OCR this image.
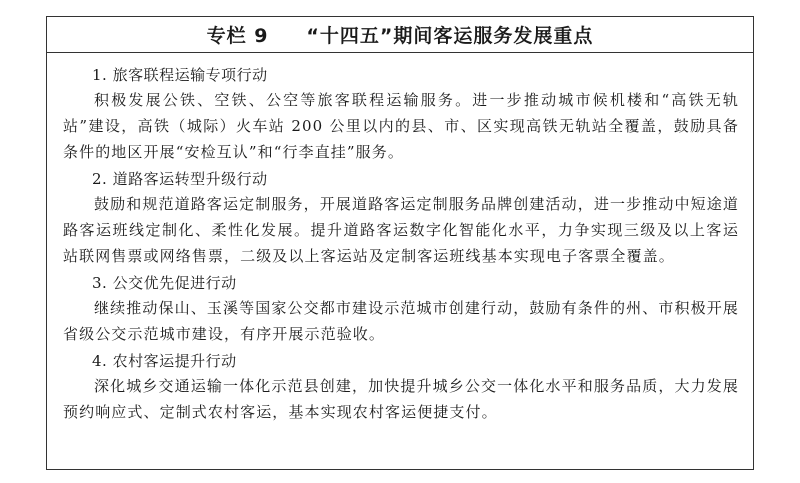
专栏 9 “十四五”期间客运服务发展重点
1. 旅客联程运输专项行动

积极发展公铁、空铁、公空等旅客联程运输服务。进一步推动城市候机楼和“高铁无轨站”建设，高铁（城际）火车站 200 公里以内的县、市、区实现高铁无轨站全覆盖，鼓励具备条件的地区开展“安检互认”和“行李直挂”服务。

2. 道路客运转型升级行动

鼓励和规范道路客运定制服务，开展道路客运定制服务品牌创建活动，进一步推动中短途道路客运班线定制化、柔性化发展。提升道路客运数字化智能化水平，力争实现三级及以上客运站联网售票或网络售票，二级及以上客运站及定制客运班线基本实现电子客票全覆盖。

3. 公交优先促进行动

继续推动保山、玉溪等国家公交都市建设示范城市创建行动，鼓励有条件的州、市积极开展省级公交示范城市建设，有序开展示范验收。

4. 农村客运提升行动

深化城乡交通运输一体化示范县创建，加快提升城乡公交一体化水平和服务品质，大力发展预约响应式、定制式农村客运，基本实现农村客运便捷支付。
